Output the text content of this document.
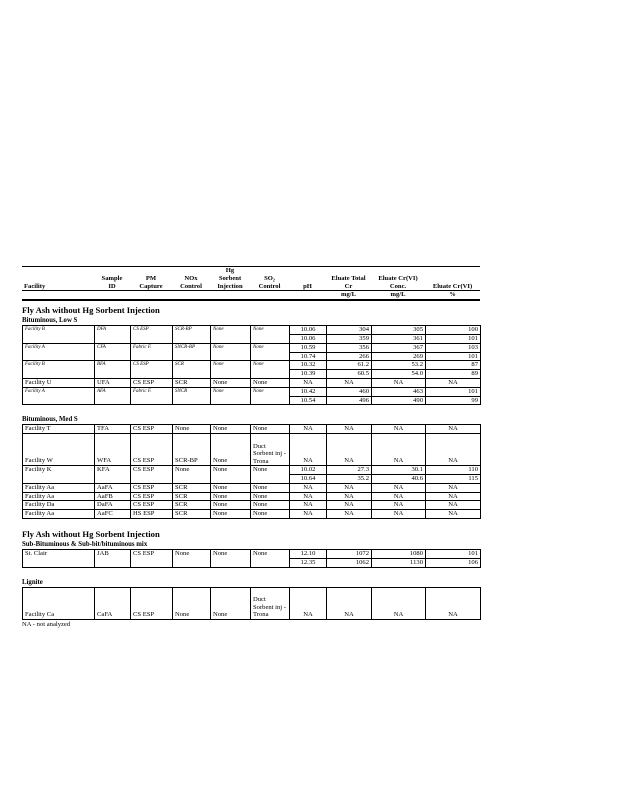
				Hg					
	Sample	PM	NOx	Sorbent	SO₂		Eluate Total	Eluate Cr(VI)	
Facility	ID	Capture	Control	Injection	Control	pH	Cr	Conc.	Eluate Cr(VI)
							mg/L	mg/L	%
Fly Ash without Hg Sorbent Injection
Bituminous, Low S
Facility B	DFA	CS ESP	SCR-BP	None	None	10.06	304	305	100
						10.06	359	361	101
Facility A	CFA	Fabric F.	SNCR-BP	None	None	10.59	356	367	103
						10.74	266	269	101
Facility B	BFA	CS ESP	SCR	None	None	10.32	61.2	53.2	87
						10.39	60.5	54.0	89
Facility U	UFA	CS ESP	SCR	None	None	NA	NA	NA	NA
Facility A	AFA	Fabric F.	SNCR	None	None	10.42	460	463	101
						10.54	496	490	99
Bituminous, Med S
Facility T	TFA	CS ESP	None	None	None	NA	NA	NA	NA
Facility W	WFA	CS ESP	SCR-BP	None	Duct Sorbent inj - Trona	NA	NA	NA	NA
Facility K	KFA	CS ESP	None	None	None	10.02	27.3	30.1	110
						10.64	35.2	40.6	115
Facility Aa	AaFA	CS ESP	SCR	None	None	NA	NA	NA	NA
Facility Aa	AaFB	CS ESP	SCR	None	None	NA	NA	NA	NA
Facility Da	DaFA	CS ESP	SCR	None	None	NA	NA	NA	NA
Facility Aa	AaFC	HS ESP	SCR	None	None	NA	NA	NA	NA
Fly Ash without Hg Sorbent Injection
Sub-Bituminous & Sub-bit/bituminous mix
St. Clair	JAB	CS ESP	None	None	None	12.10	1072	1080	101
						12.35	1062	1130	106
Lignite
Facility Ca	CaFA	CS ESP	None	None	Duct Sorbent inj - Trona	NA	NA	NA	NA
NA - not analyzed
